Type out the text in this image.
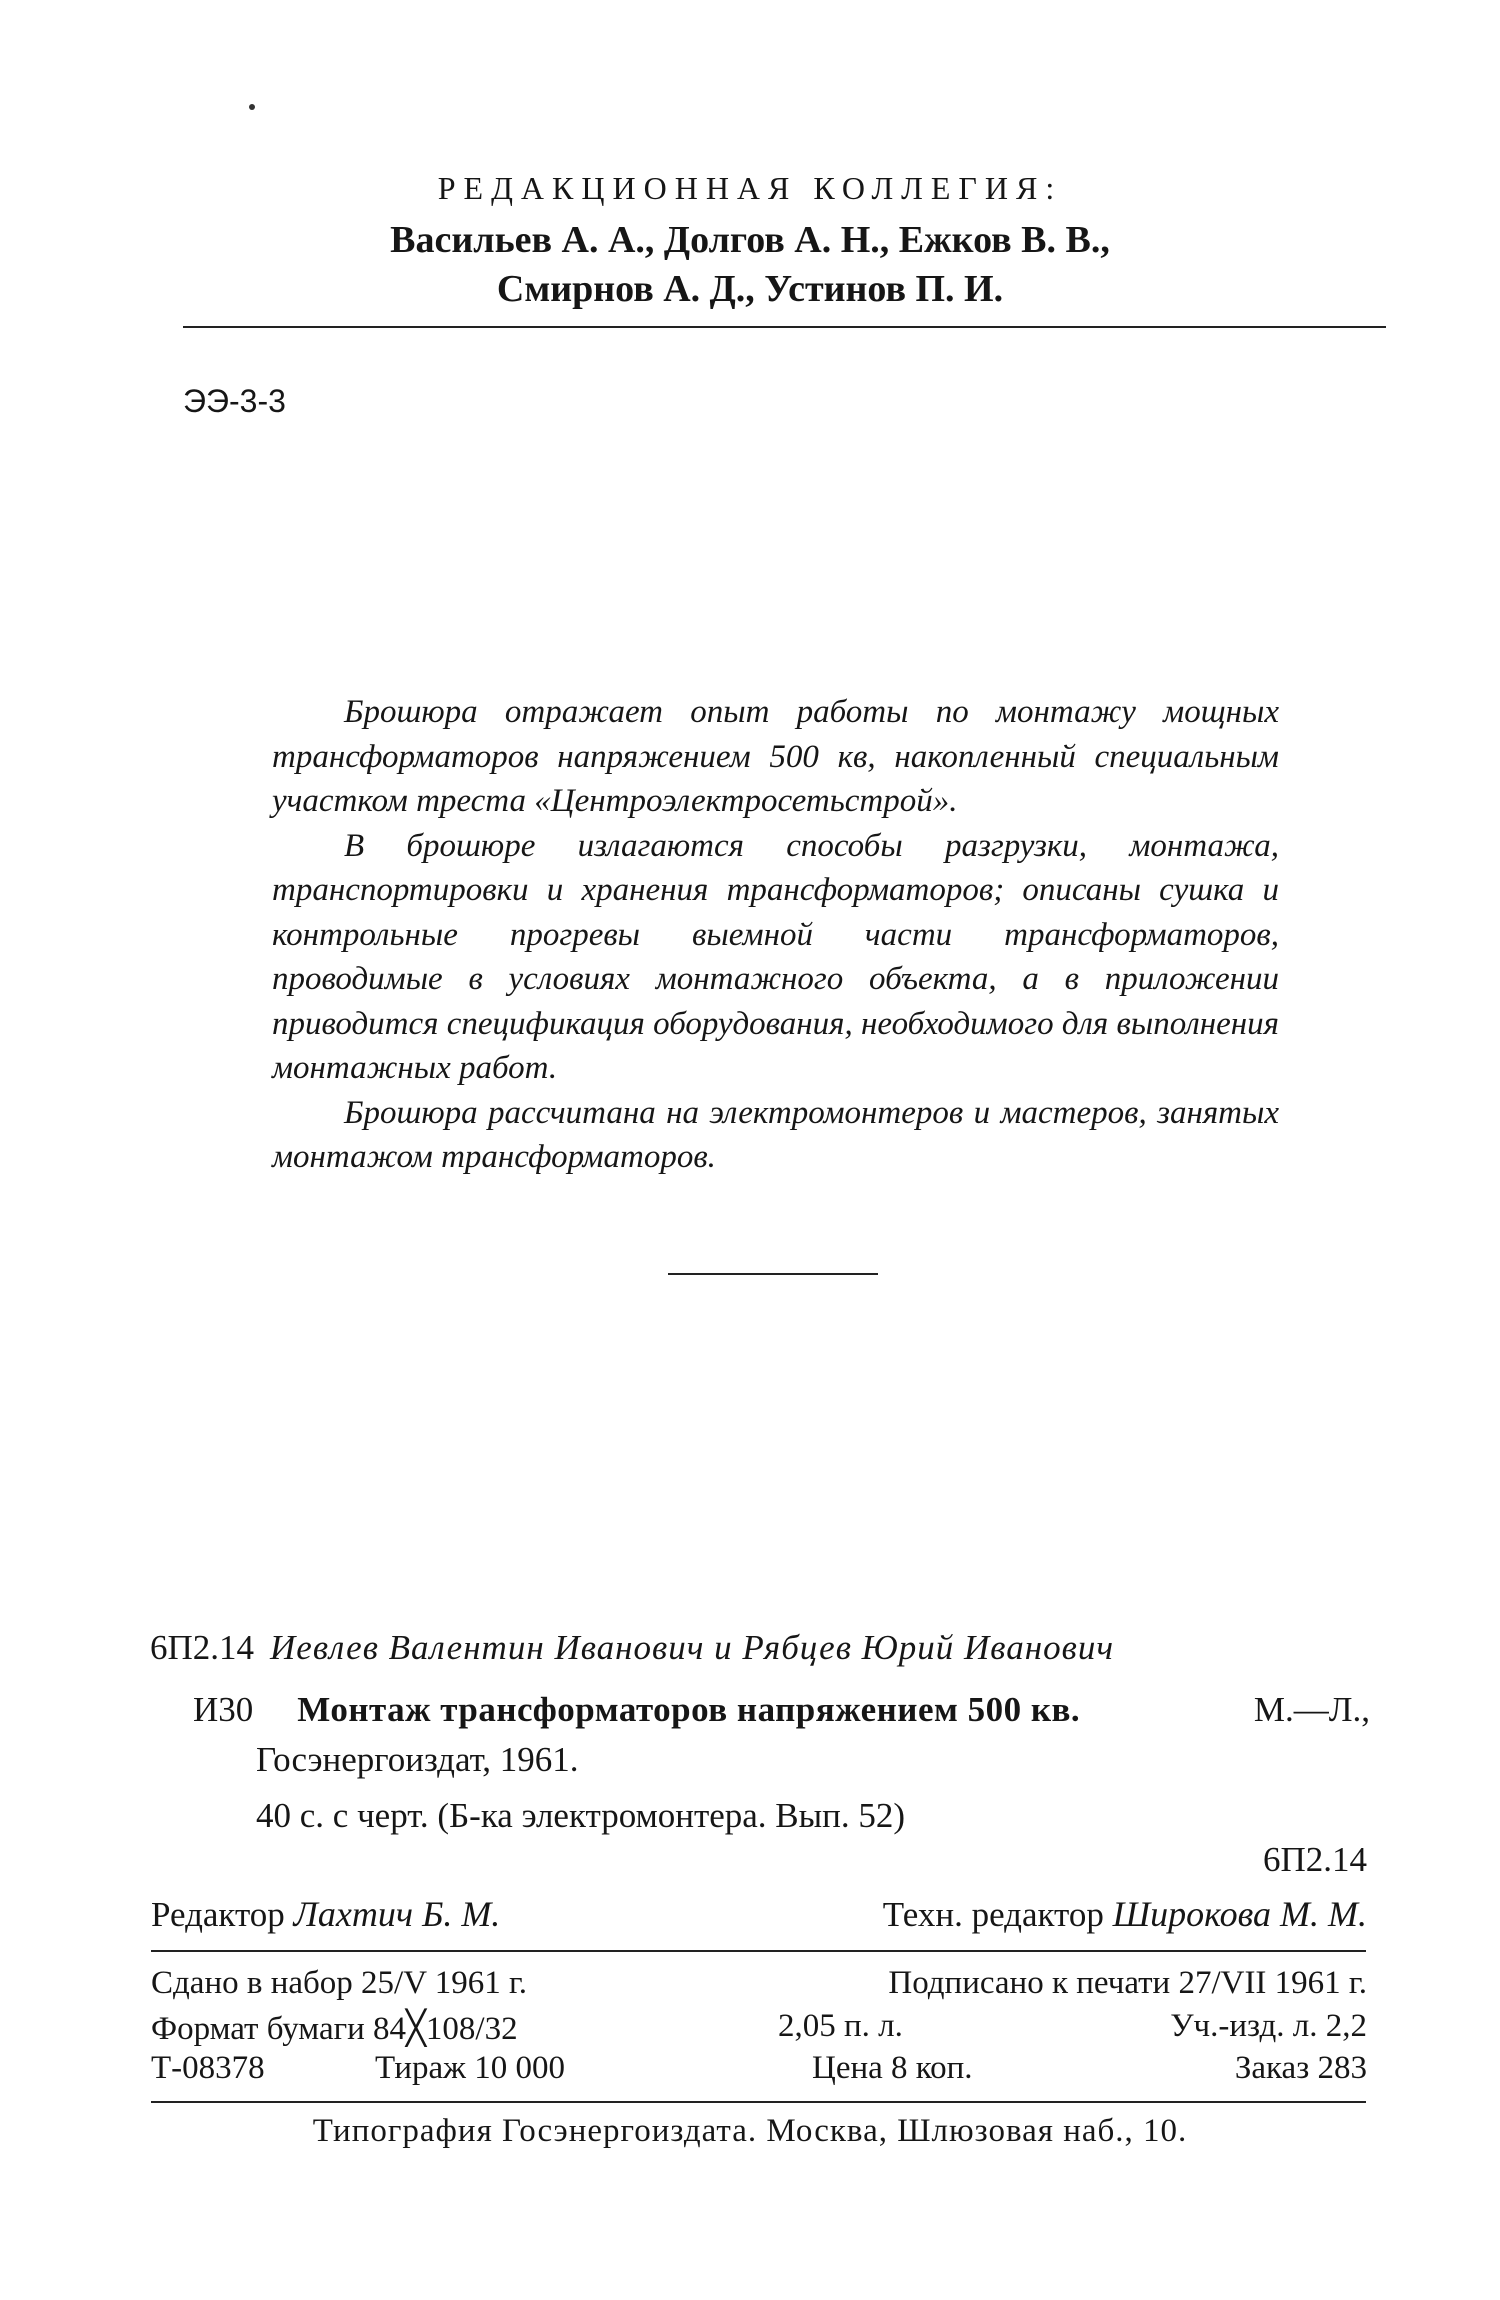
РЕДАКЦИОННАЯ КОЛЛЕГИЯ:
Васильев А. А., Долгов А. Н., Ежков В. В.,
Смирнов А. Д., Устинов П. И.
ЭЭ-3-3

Брошюра отражает опыт работы по монтажу мощных трансформаторов напряжением 500 кв, накопленный специальным участком треста «Центроэлектросетьстрой».

В брошюре излагаются способы разгрузки, монтажа, транспортировки и хранения трансформаторов; описаны сушка и контрольные прогревы выемной части трансформаторов, проводимые в условиях монтажного объекта, а в приложении приводится спецификация оборудования, необходимого для выполнения монтажных работ.

Брошюра рассчитана на электромонтеров и мастеров, занятых монтажом трансформаторов.

6П2.14 Иевлев Валентин Иванович и Рябцев Юрий Иванович
И30 Монтаж трансформаторов напряжением 500 кв.	М.—Л.,
Госэнергоиздат, 1961.
40 с. с черт. (Б-ка электромонтера. Вып. 52)
6П2.14
Редактор Лахтич Б. М.	Техн. редактор Широкова М. М.
Сдано в набор 25/V 1961 г.	Подписано к печати 27/VII 1961 г.
Формат бумаги 84╳108/32	2,05 п. л.	Уч.-изд. л. 2,2
Т-08378	Тираж 10 000	Цена 8 коп.	Заказ 283
Типография Госэнергоиздата. Москва, Шлюзовая наб., 10.
